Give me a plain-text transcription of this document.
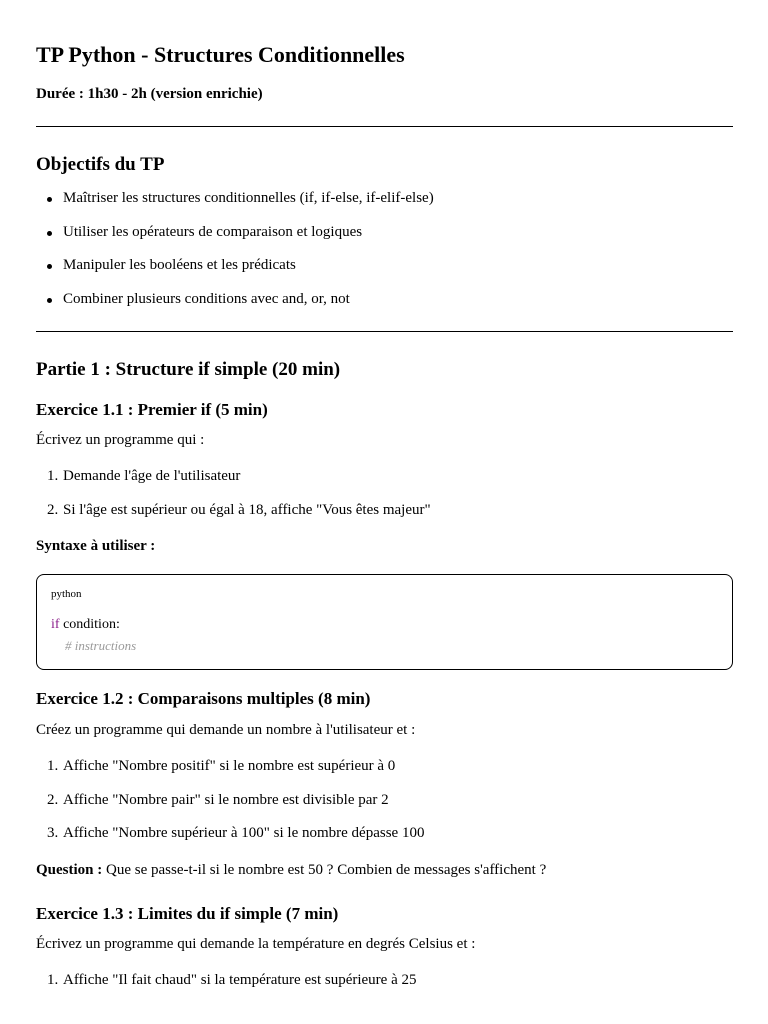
TP Python - Structures Conditionnelles
Durée : 1h30 - 2h (version enrichie)
Objectifs du TP
Maîtriser les structures conditionnelles (if, if-else, if-elif-else)
Utiliser les opérateurs de comparaison et logiques
Manipuler les booléens et les prédicats
Combiner plusieurs conditions avec and, or, not
Partie 1 : Structure if simple (20 min)
Exercice 1.1 : Premier if (5 min)
Écrivez un programme qui :
1. Demande l'âge de l'utilisateur
2. Si l'âge est supérieur ou égal à 18, affiche "Vous êtes majeur"
Syntaxe à utiliser :
python
if condition:
# instructions
Exercice 1.2 : Comparaisons multiples (8 min)
Créez un programme qui demande un nombre à l'utilisateur et :
1. Affiche "Nombre positif" si le nombre est supérieur à 0
2. Affiche "Nombre pair" si le nombre est divisible par 2
3. Affiche "Nombre supérieur à 100" si le nombre dépasse 100
Question : Que se passe-t-il si le nombre est 50 ? Combien de messages s'affichent ?
Exercice 1.3 : Limites du if simple (7 min)
Écrivez un programme qui demande la température en degrés Celsius et :
1. Affiche "Il fait chaud" si la température est supérieure à 25
